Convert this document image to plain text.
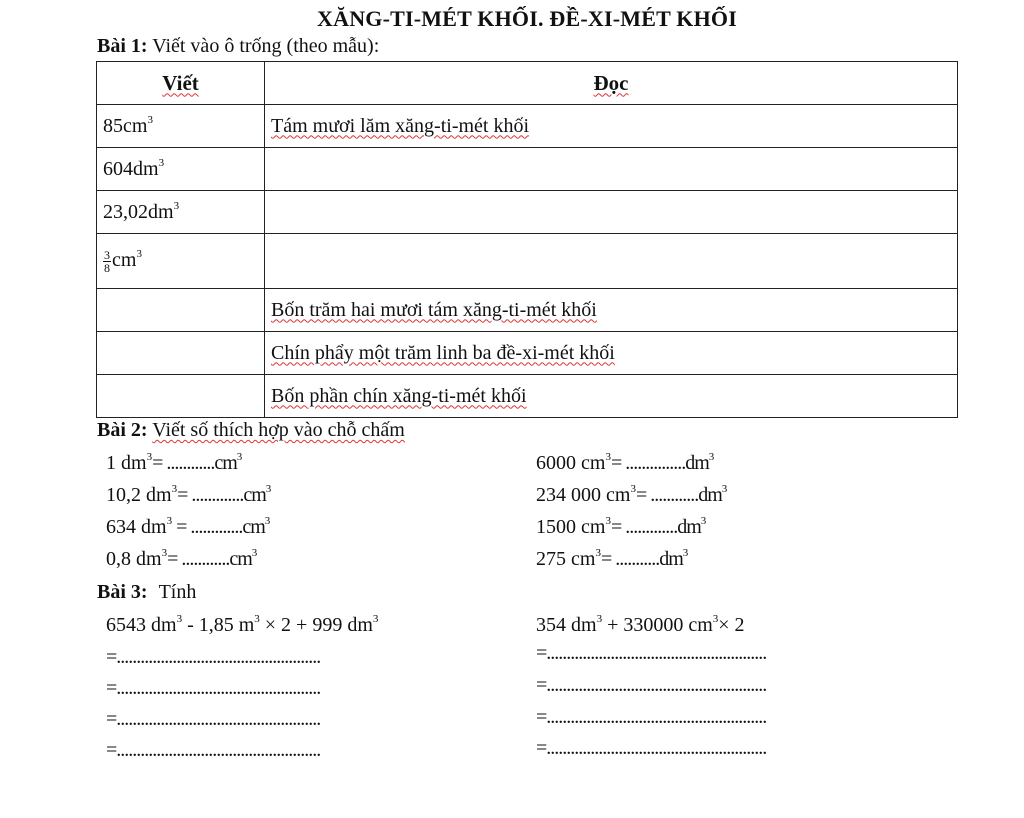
XĂNG-TI-MÉT KHỐI. ĐỀ-XI-MÉT KHỐI
Bài 1: Viết vào ô trống (theo mẫu):
Viết	Đọc
$85cm^3$	Tám mươi lăm xăng-ti-mét khối
$604dm^3$	
$23,02dm^3$	

$\frac{3}{8} cm^3$	
	Bốn trăm hai mươi tám xăng-ti-mét khối
	Chín phẩy một trăm linh ba đề-xi-mét khối
	Bốn phần chín xăng-ti-mét khối
Bài 2: Viết số thích hợp vào chỗ chấm
1 $dm^3= ............cm^3$
10,2 $dm^3= .............cm^3$
634 $dm^3 = .............cm^3$
0,8 $dm^3= ............cm^3$
6000 $cm^3= ...............dm^3$
234 000 $cm^3= ............dm^3$
1500 $cm^3= .............dm^3$
275 $cm^3= ...........dm^3$
Bài 3: Tính
6543 $dm^3 - 1,85$ $m^3 \times 2 + 999$ $dm^3$	354 $dm^3 + 330000$ $cm^3\times 2$
=...................................................
=...................................................
=...................................................
=...................................................
=.......................................................
=.......................................................
=.......................................................
=.......................................................
